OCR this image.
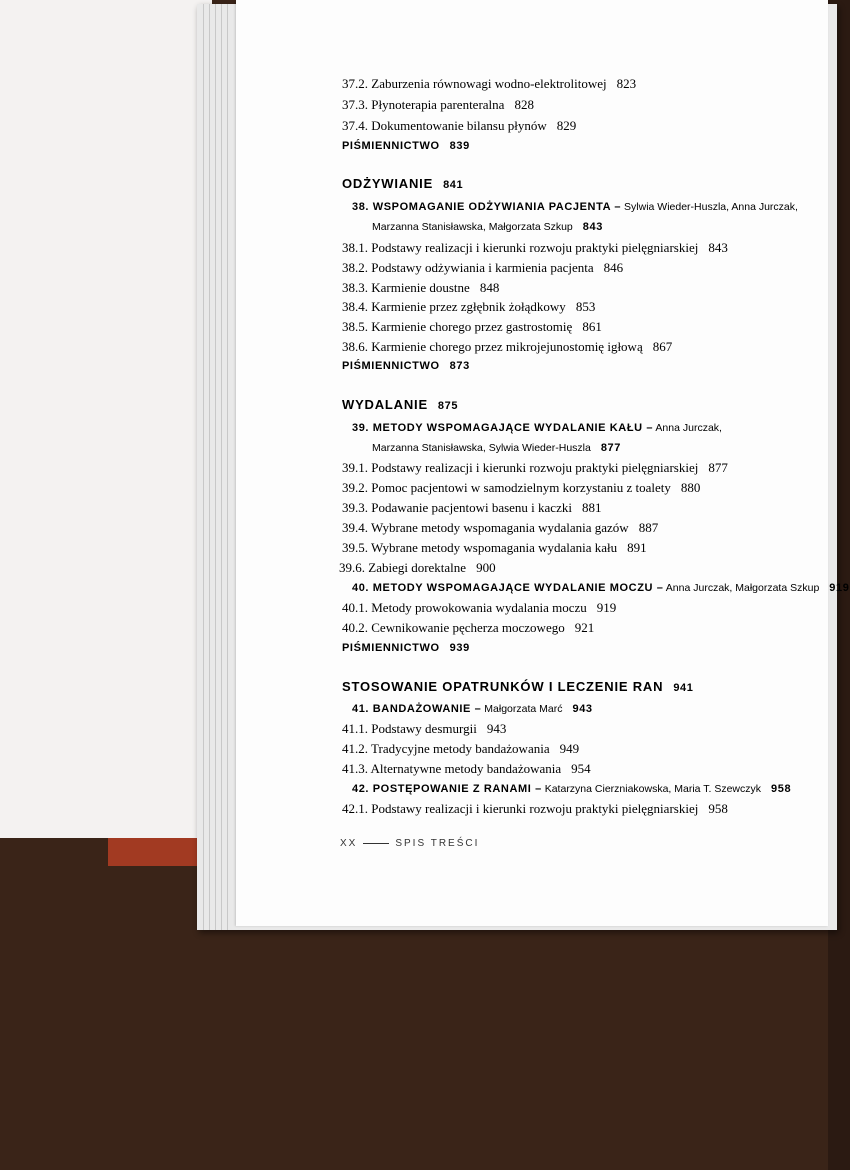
XX	SPIS TREŚCI
37.2. Zaburzenia równowagi wodno-elektrolitowej 823
37.3. Płynoterapia parenteralna 828
37.4. Dokumentowanie bilansu płynów 829
PIŚMIENNICTWO 839
ODŻYWIANIE 841
38. WSPOMAGANIE ODŻYWIANIA PACJENTA – Sylwia Wieder-Huszla, Anna Jurczak,
Marzanna Stanisławska, Małgorzata Szkup 843
38.1. Podstawy realizacji i kierunki rozwoju praktyki pielęgniarskiej 843
38.2. Podstawy odżywiania i karmienia pacjenta 846
38.3. Karmienie doustne 848
38.4. Karmienie przez zgłębnik żołądkowy 853
38.5. Karmienie chorego przez gastrostomię 861
38.6. Karmienie chorego przez mikrojejunostomię igłową 867
PIŚMIENNICTWO 873
WYDALANIE 875
39. METODY WSPOMAGAJĄCE WYDALANIE KAŁU – Anna Jurczak,
Marzanna Stanisławska, Sylwia Wieder-Huszla 877
39.1. Podstawy realizacji i kierunki rozwoju praktyki pielęgniarskiej 877
39.2. Pomoc pacjentowi w samodzielnym korzystaniu z toalety 880
39.3. Podawanie pacjentowi basenu i kaczki 881
39.4. Wybrane metody wspomagania wydalania gazów 887
39.5. Wybrane metody wspomagania wydalania kału 891
39.6. Zabiegi dorektalne 900
40. METODY WSPOMAGAJĄCE WYDALANIE MOCZU – Anna Jurczak, Małgorzata Szkup 919
40.1. Metody prowokowania wydalania moczu 919
40.2. Cewnikowanie pęcherza moczowego 921
PIŚMIENNICTWO 939
STOSOWANIE OPATRUNKÓW I LECZENIE RAN 941
41. BANDAŻOWANIE – Małgorzata Marć 943
41.1. Podstawy desmurgii 943
41.2. Tradycyjne metody bandażowania 949
41.3. Alternatywne metody bandażowania 954
42. POSTĘPOWANIE Z RANAMI – Katarzyna Cierzniakowska, Maria T. Szewczyk 958
42.1. Podstawy realizacji i kierunki rozwoju praktyki pielęgniarskiej 958
